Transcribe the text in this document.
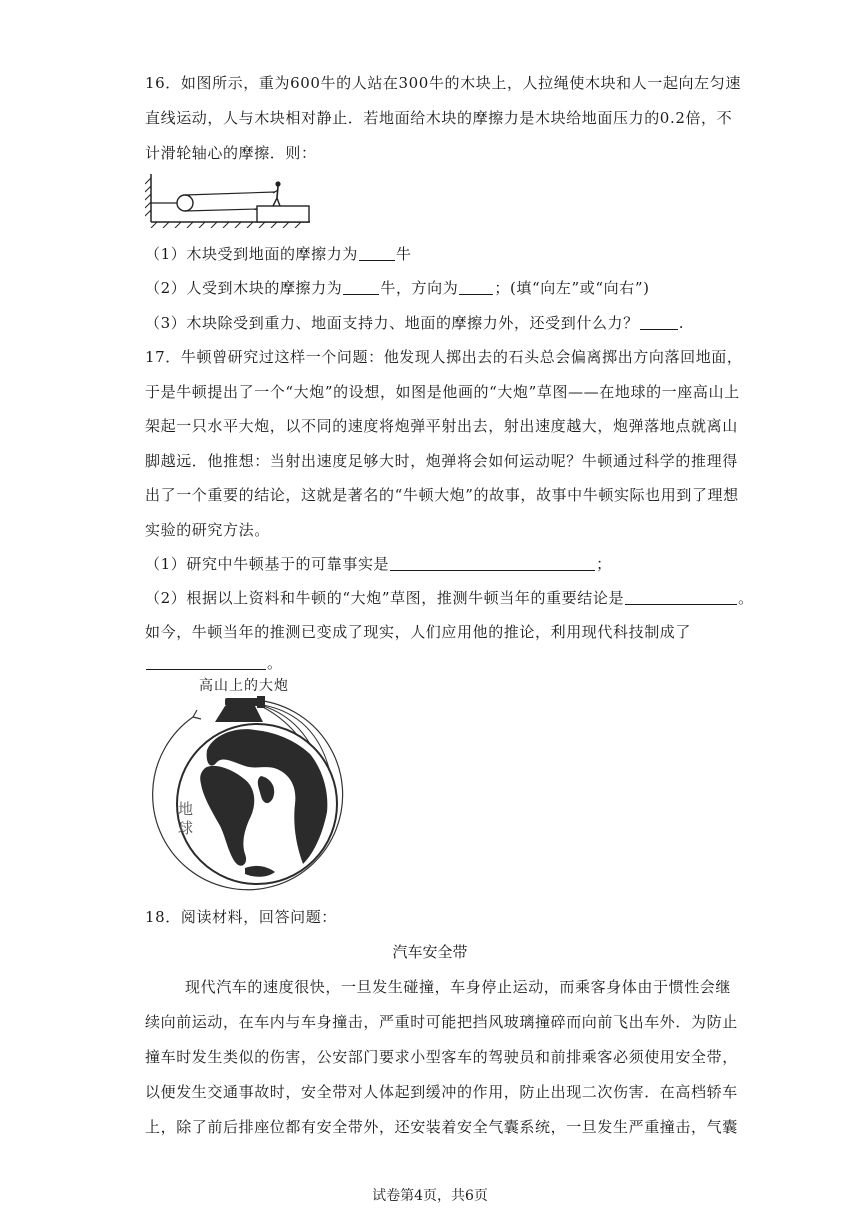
16．如图所示，重为600牛的人站在300牛的木块上，人拉绳使木块和人一起向左匀速
直线运动，人与木块相对静止．若地面给木块的摩擦力是木块给地面压力的0.2倍，不
计滑轮轴心的摩擦．则：
（1）木块受到地面的摩擦力为	牛
（2）人受到木块的摩擦力为	牛，方向为 ；(填“向左”或“向右”)
（3）木块除受到重力、地面支持力、地面的摩擦力外，还受到什么力？	.
17．牛顿曾研究过这样一个问题：他发现人掷出去的石头总会偏离掷出方向落回地面，
于是牛顿提出了一个“大炮”的设想，如图是他画的“大炮”草图——在地球的一座高山上
架起一只水平大炮，以不同的速度将炮弹平射出去，射出速度越大，炮弹落地点就离山
脚越远．他推想：当射出速度足够大时，炮弹将会如何运动呢？牛顿通过科学的推理得
出了一个重要的结论，这就是著名的“牛顿大炮”的故事，故事中牛顿实际也用到了理想
实验的研究方法。
（1）研究中牛顿基于的可靠事实是	；
（2）根据以上资料和牛顿的“大炮”草图，推测牛顿当年的重要结论是	。
如今，牛顿当年的推测已变成了现实，人们应用他的推论，利用现代科技制成了
。
高山上的大炮
地
球
18．阅读材料，回答问题：
汽车安全带
现代汽车的速度很快，一旦发生碰撞，车身停止运动，而乘客身体由于惯性会继
续向前运动，在车内与车身撞击，严重时可能把挡风玻璃撞碎而向前飞出车外．为防止
撞车时发生类似的伤害，公安部门要求小型客车的驾驶员和前排乘客必须使用安全带，
以便发生交通事故时，安全带对人体起到缓冲的作用，防止出现二次伤害．在高档轿车
上，除了前后排座位都有安全带外，还安装着安全气囊系统，一旦发生严重撞击，气囊
试卷第4页，共6页
